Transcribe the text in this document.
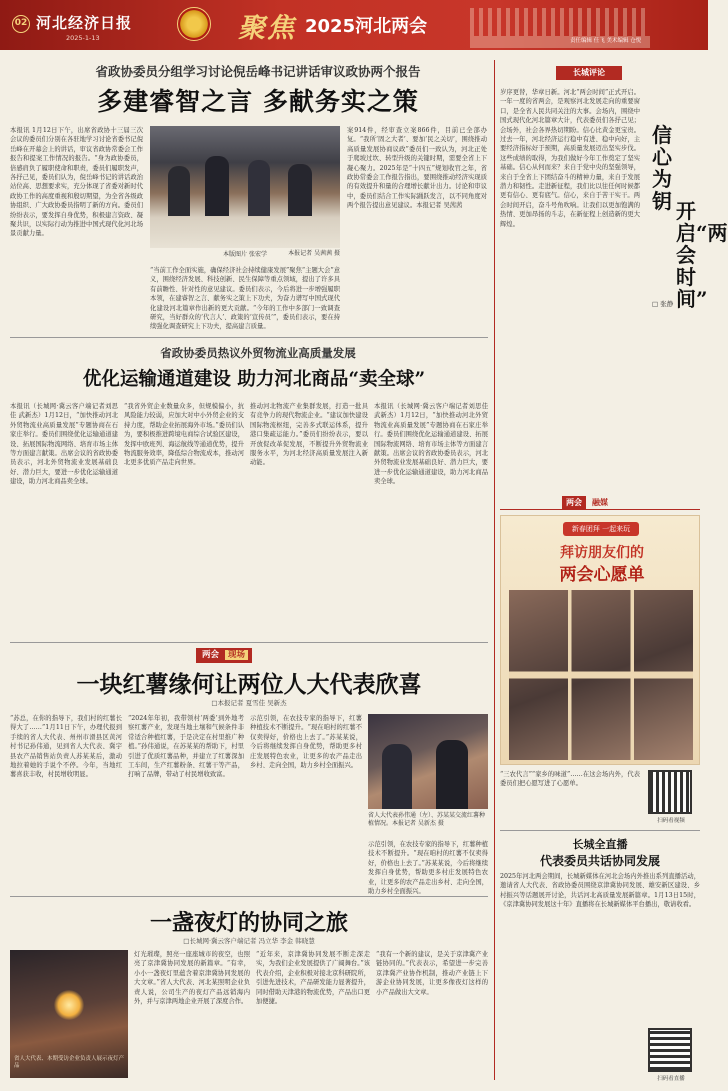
02 河北经济日报
2025-1-13	聚焦 2025河北两会
责任编辑 任飞 美术编辑 仓悦
省政协委员分组学习讨论倪岳峰书记讲话审议政协两个报告
多建睿智之言 多献务实之策
本报讯 1月12日下午，出席省政协十三届三次会议的委员们分别在各驻地学习讨论省委书记倪岳峰在开幕会上的讲话，审议省政协常委会工作报告和提案工作情况的报告。“身为政协委员，倍感肩负了履职使命和职责，委员们履职发声，各抒己见，委员们认为，倪岳峰书记的讲话政治站位高、思想要求实，充分体现了省委对新时代政协工作的高度重视和殷切期望，为全省各级政协组织、广大政协委员指明了新的方向。委员们纷纷表示，要发挥自身优势，积极建言资政、凝聚共识，以实际行动为推进中国式现代化河北场景贡献力量。
本版图片 张宏学
“当前工作全面实施，确保经济社会持续健康发展”聚焦“主题大会”意义，围绕经济发展、科技创新、民生保障等重点领域，提出了许多具有前瞻性、针对性的意见建议。委员们表示，今后将进一步增强履职本领，在建睿智之言、献务实之策上下功夫，为奋力谱写中国式现代化建设河北篇章作出新的更大贡献。“今年的工作中多部门一致调查研究，当好群众的‘代言人’、政策的‘宣传员’”，委员们表示，要在持续强化调查研究上下功夫，提高建言质量。
案914件，经审查立案866件，目前已全部办复。“我所‘固之大者’、要加‘民之关切’，围绕推动高质量发展协商议政”委员们一致认为，河北正处于爬坡过坎、转型升级的关键时期，需要全省上下凝心聚力。2025年是“十四五”规划收官之年，省政协常委会工作报告指出，要围绕推动经济实现质的有效提升和量的合理增长献计出力。讨论和审议中，委员们结合工作实际踊跃发言，以不同角度对两个报告提出意见建议。本报记者 吴茜茜
本报记者 吴茜茜 摄
省政协委员热议外贸物流业高质量发展
优化运输通道建设 助力河北商品“卖全球”
本报讯（长城网·冀云客户端记者刘思佳 武新杰）1月12日，“加快推动河北外贸物流业高质量发展”专题协商在石家庄举行。委员们围绕优化运输通道建设、拓展国际物流网络、培育市场主体等方面建言献策。出席会议的省政协委员表示，河北外贸物流业发展基础良好、潜力巨大，要进一步优化运输通道建设，助力河北商品卖全球。
“我省外贸企业数量众多，但规模偏小，抗风险能力较弱，应加大对中小外贸企业的支持力度，帮助企业拓展海外市场。”委员们认为，要积极推进跨境电商综合试验区建设，发挥中欧班列、海运航线等通道优势，提升物流服务效率，降低综合物流成本，推动河北更多优质产品走向世界。
推动河北物流产业集群发展，打造一批具有竞争力的现代物流企业。“建议加快建设国际物流枢纽，完善多式联运体系，提升港口集疏运能力。”委员们纷纷表示，要以开放促改革促发展，不断提升外贸物流业服务水平，为河北经济高质量发展注入新动能。
本报讯（长城网·冀云客户端记者刘思佳 武新杰）1月12日，“加快推动河北外贸物流业高质量发展”专题协商在石家庄举行。委员们围绕优化运输通道建设、拓展国际物流网络、培育市场主体等方面建言献策。出席会议的省政协委员表示，河北外贸物流业发展基础良好、潜力巨大，要进一步优化运输通道建设，助力河北商品卖全球。
两会 现场
一块红薯缘何让两位人大代表欣喜
□本报记者 夏雪佳 吴新杰
“苏总，在你的指导下，我们村的红薯长得大了……”1月11日下午，办理代报到手续的省人大代表、州州市滑县区黄河村书记孙伟通，见到省人大代表、冀宇县农产品销售站负责人苏某某后，激动地拉着她的手说个不停。今年，当地红薯喜获丰收，村民增收明显。
“2024年年初，我带领村‘两委’到外地考察红薯产业，发现当地土壤和气候条件非常适合种植红薯，于是决定在村里推广种植。”孙伟通说，在苏某某的帮助下，村里引进了优质红薯品种，并建立了红薯深加工车间，生产红薯粉条、红薯干等产品，打响了品牌，带动了村民增收致富。
示范引领，在农技专家的指导下，红薯种植技术不断提升。“现在咱村的红薯不仅卖得好，价格也上去了。”苏某某说，今后将继续发挥自身优势，帮助更多村庄发展特色农业，让更多的农产品走出乡村、走向全国，助力乡村全面振兴。
省人大代表孙伟通（左）、苏某某交流红薯种植情况。本报记者 吴新杰 摄
示范引领，在农技专家的指导下，红薯种植技术不断提升。“现在咱村的红薯不仅卖得好，价格也上去了。”苏某某说，今后将继续发挥自身优势，帮助更多村庄发展特色农业，让更多的农产品走出乡村、走向全国，助力乡村全面振兴。
一盏夜灯的协同之旅
□长城网·冀云客户端记者 冯立华 李金 韩晓慧
省人大代表、本期受访企业负责人展示夜灯产品
灯光璀璨，照亮一座座城市的夜空，也照亮了京津冀协同发展的新篇章。“有幸，小小一盏夜灯里蕴含着京津冀协同发展的大文章。”省人大代表、河北某照明企业负责人说，公司生产的夜灯产品远销海内外，并与京津两地企业开展了深度合作。
“近年来，京津冀协同发展不断走深走实，为我们企业发展提供了广阔舞台。”该代表介绍，企业积极对接北京科研院所，引进先进技术，产品研发能力显著提升，同时借助天津港的物流优势，产品出口更加便捷。
“我有一个新的建议，是关于京津冀产业链协同的。”代表表示，希望进一步完善京津冀产业协作机制，推动产业链上下游企业协同发展，让更多像夜灯这样的小产品做出大文章。
长城评论
岁序更替，华章日新。河北“两会时间”正式开启。一年一度的省两会，是观察河北发展走向的重要窗口，是全省人民共同关注的大事。会场内，围绕中国式现代化河北篇章大计，代表委员们各抒己见；会场外，社会各界热切期盼。信心比黄金更宝贵。过去一年，河北经济运行稳中有进、稳中向好，主要经济指标好于预期，高质量发展迈出坚实步伐。这些成绩的取得，为我们做好今年工作奠定了坚实基础。信心从何而来？来自于党中央的坚强领导，来自于全省上下团结奋斗的精神力量，来自于发展潜力和韧性。走进新征程，我们比以往任何时候都更有信心、更有底气。信心，来自于苦干实干。两会时间开启，奋斗号角吹响。让我们以更加饱满的热情、更加昂扬的斗志，在新征程上创造新的更大辉煌。
信心为钥 开启“两会时间”
□ 张静
两会	融媒
新春团拜 一起来玩
拜访朋友们的
两会心愿单
“三农代言”“家乡的味道”……在这会场内外，代表委员们把心愿写进了心愿单。
扫码看视频
长城全直播
代表委员共话协同发展
2025年河北两会期间，长城新媒体在河北会场内外推出系列直播活动，邀请省人大代表、省政协委员围绕京津冀协同发展、雄安新区建设、乡村振兴等话题展开讨论，共话河北高质量发展新篇章。1月13日15时，《京津冀协同发展这十年》直播将在长城新媒体平台播出，敬请收看。
扫码看直播
